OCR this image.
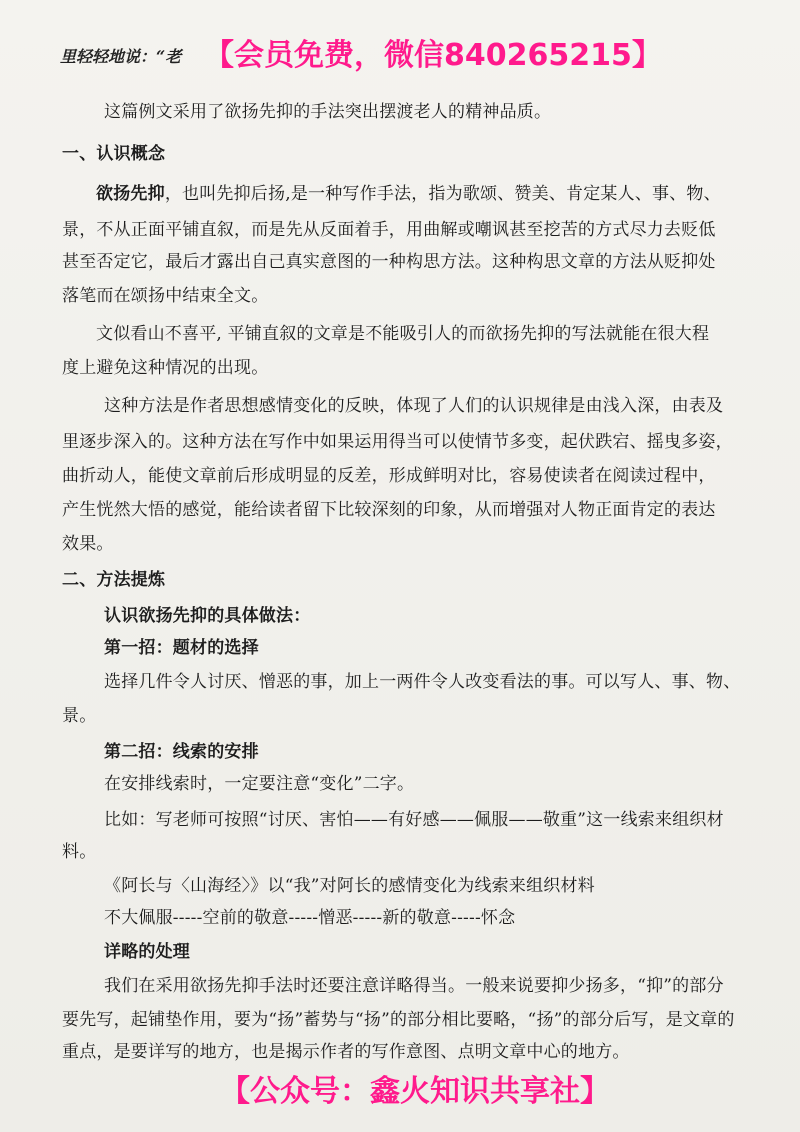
里轻轻地说：“老 【会员免费，微信840265215】
这篇例文采用了欲扬先抑的手法突出摆渡老人的精神品质。
一、认识概念
欲扬先抑，也叫先抑后扬,是一种写作手法，指为歌颂、赞美、肯定某人、事、物、
景，不从正面平铺直叙，而是先从反面着手，用曲解或嘲讽甚至挖苦的方式尽力去贬低
甚至否定它，最后才露出自己真实意图的一种构思方法。这种构思文章的方法从贬抑处
落笔而在颂扬中结束全文。
文似看山不喜平, 平铺直叙的文章是不能吸引人的而欲扬先抑的写法就能在很大程
度上避免这种情况的出现。
这种方法是作者思想感情变化的反映，体现了人们的认识规律是由浅入深，由表及
里逐步深入的。这种方法在写作中如果运用得当可以使情节多变，起伏跌宕、摇曳多姿，
曲折动人，能使文章前后形成明显的反差，形成鲜明对比，容易使读者在阅读过程中，
产生恍然大悟的感觉，能给读者留下比较深刻的印象，从而增强对人物正面肯定的表达
效果。
二、方法提炼
认识欲扬先抑的具体做法：
第一招：题材的选择
选择几件令人讨厌、憎恶的事，加上一两件令人改变看法的事。可以写人、事、物、
景。
第二招：线索的安排
在安排线索时，一定要注意“变化”二字。
比如：写老师可按照“讨厌、害怕——有好感——佩服——敬重”这一线索来组织材
料。
《阿长与〈山海经〉》以“我”对阿长的感情变化为线索来组织材料
不大佩服-----空前的敬意-----憎恶-----新的敬意-----怀念
详略的处理
我们在采用欲扬先抑手法时还要注意详略得当。一般来说要抑少扬多，“抑”的部分
要先写，起铺垫作用，要为“扬”蓄势与“扬”的部分相比要略，“扬”的部分后写，是文章的
重点，是要详写的地方，也是揭示作者的写作意图、点明文章中心的地方。
【公众号：鑫火知识共享社】
